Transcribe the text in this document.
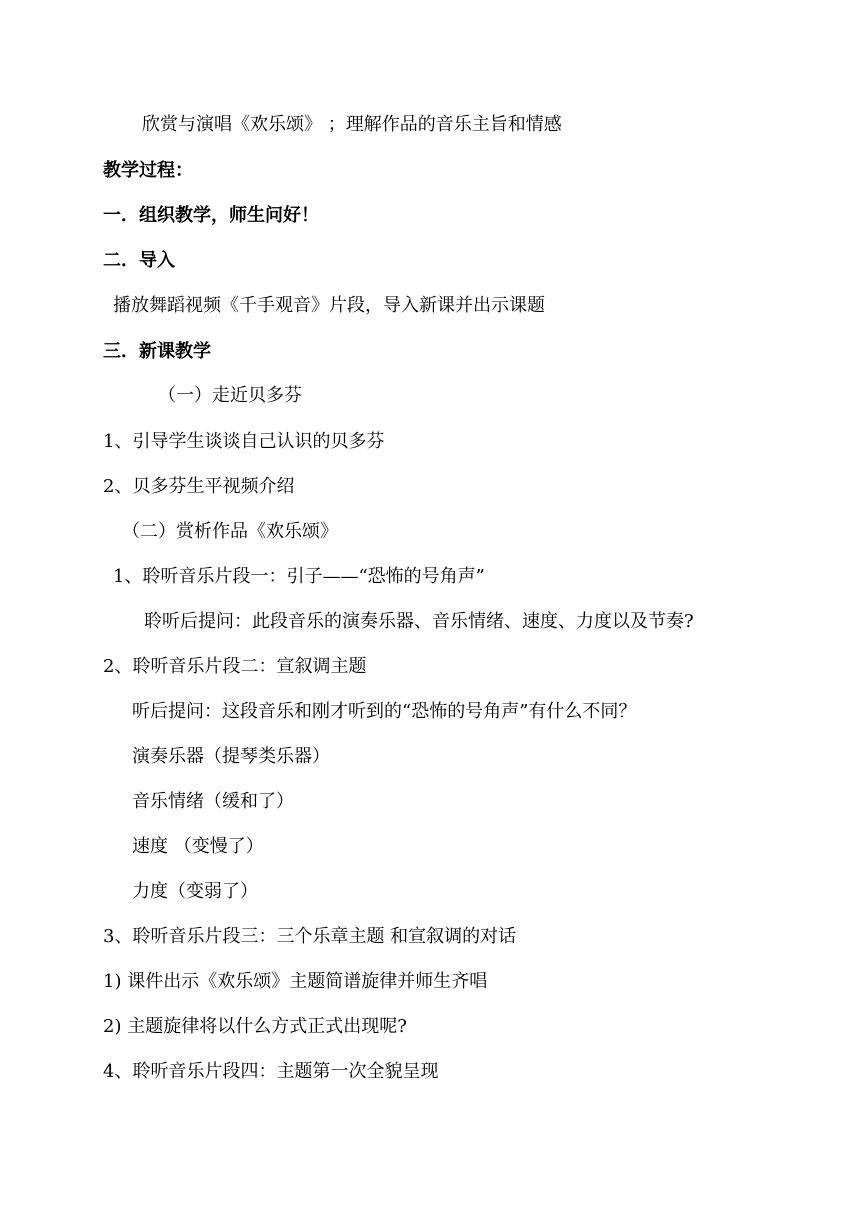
欣赏与演唱《欢乐颂》 ；理解作品的音乐主旨和情感
教学过程：
一．组织教学，师生问好！
二．导入
播放舞蹈视频《千手观音》片段，导入新课并出示课题
三．新课教学
（一）走近贝多芬
1、引导学生谈谈自己认识的贝多芬
2、贝多芬生平视频介绍
（二）赏析作品《欢乐颂》
1、聆听音乐片段一：引子——“恐怖的号角声”
聆听后提问：此段音乐的演奏乐器、音乐情绪、速度、力度以及节奏?
2、聆听音乐片段二：宣叙调主题
听后提问：这段音乐和刚才听到的“恐怖的号角声”有什么不同？
演奏乐器（提琴类乐器）
音乐情绪（缓和了）
速度 （变慢了）
力度（变弱了）
3、聆听音乐片段三：三个乐章主题 和宣叙调的对话
1) 课件出示《欢乐颂》主题简谱旋律并师生齐唱
2) 主题旋律将以什么方式正式出现呢?
4、聆听音乐片段四：主题第一次全貌呈现
